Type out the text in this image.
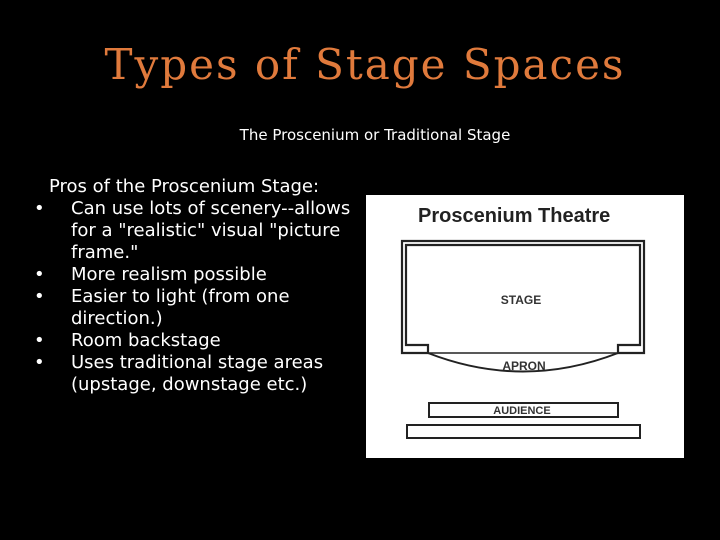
Types of Stage Spaces
The Proscenium or Traditional Stage
Pros of the Proscenium Stage:
• Can use lots of scenery--allows for a "realistic" visual "picture frame."
• More realism possible
• Easier to light (from one direction.)
• Room backstage
• Uses traditional stage areas (upstage, downstage etc.)
Proscenium Theatre
STAGE
APRON
AUDIENCE
